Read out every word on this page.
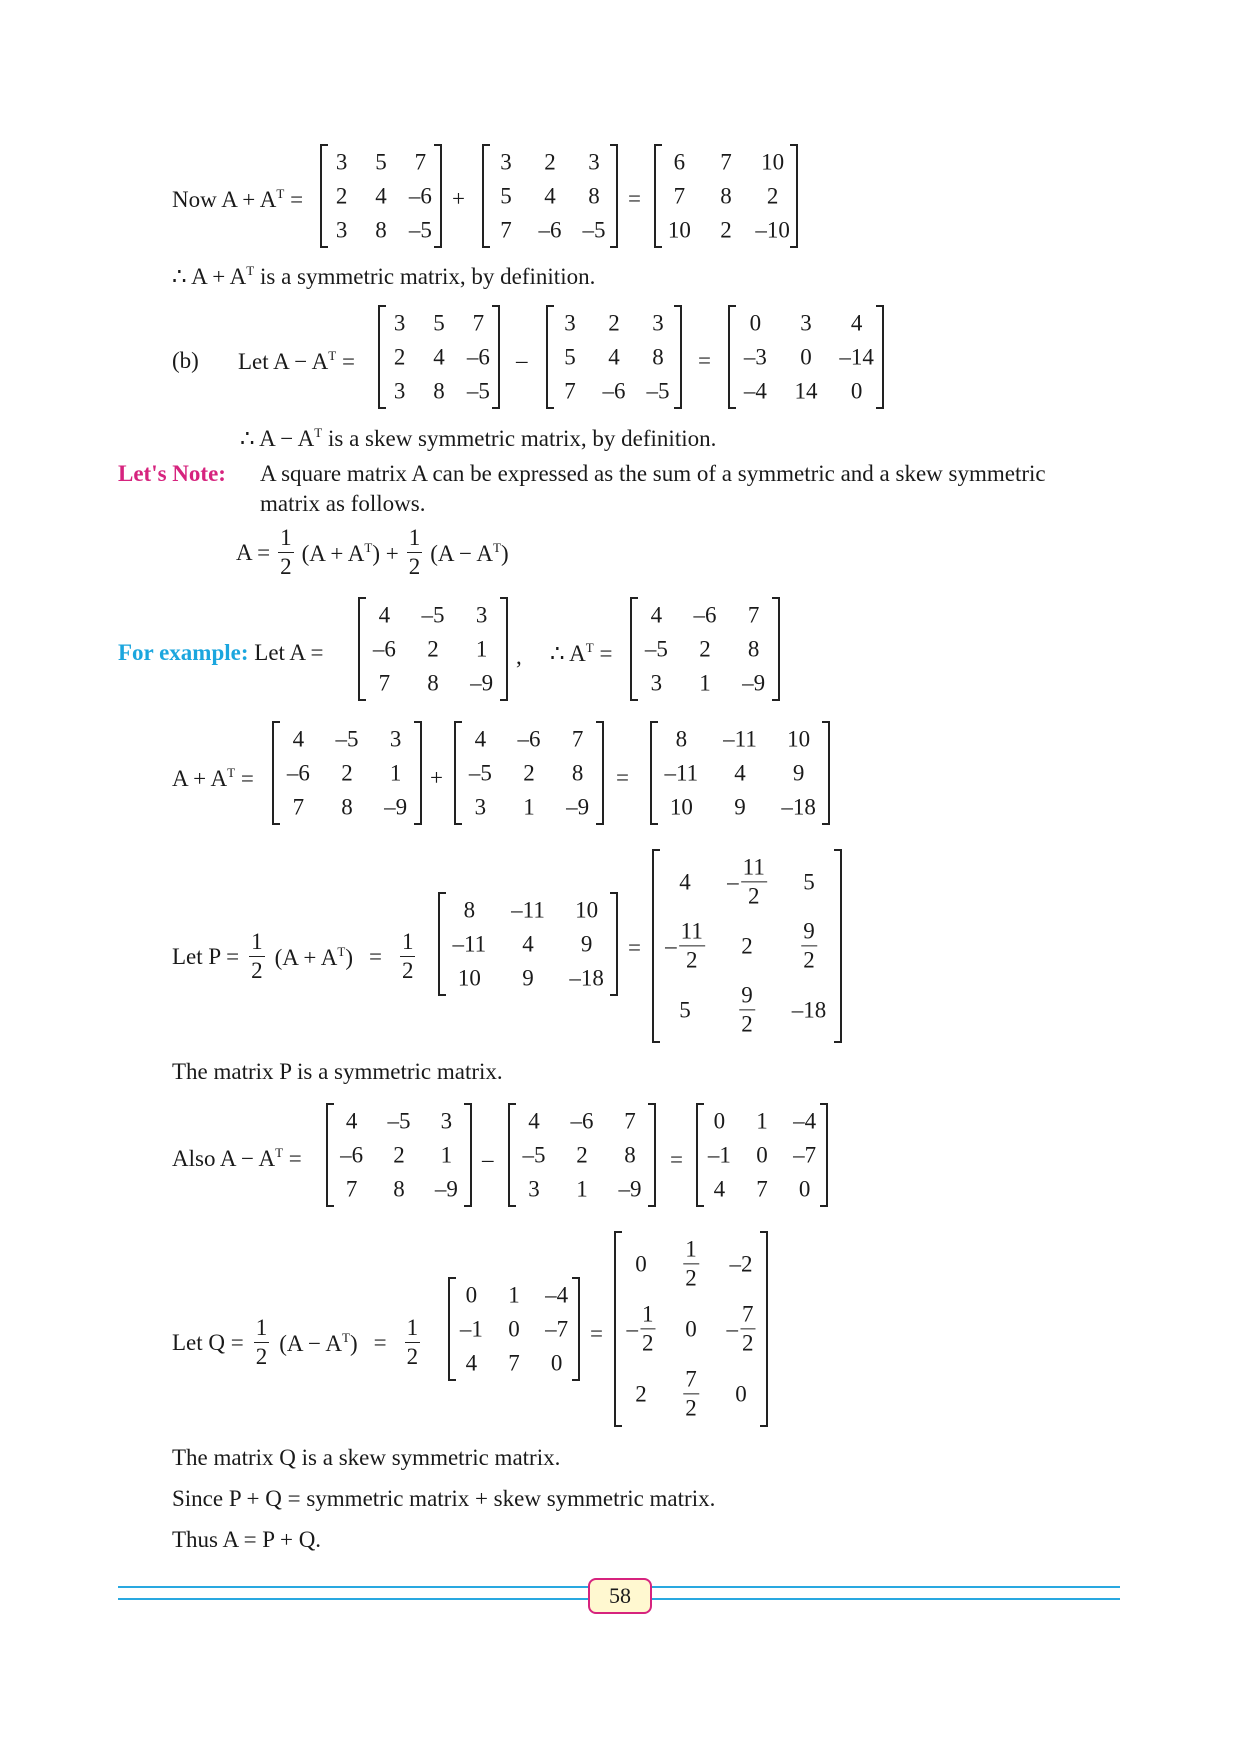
Now $A + A^T$ =
3 5 7
2 4 –6
3 8 –5
+
3 2 3
5 4 8
7 –6 –5
=
6 7 10
7 8 2
10 2 –10
∴ $A + A^T$ is a symmetric matrix, by definition.
(b) Let $A - A^T$ =
3 5 7
2 4 –6
3 8 –5
–
3 2 3
5 4 8
7 –6 –5
=
0 3 4
–3 0 –14
–4 14 0
∴ $A - A^T$ is a skew symmetric matrix, by definition.
Let's Note: A square matrix A can be expressed as the sum of a symmetric and a skew symmetric
matrix as follows.
$A = \frac{1}{2} (A + A^T) + \frac{1}{2} (A - A^T)$
For example: Let A =
4 –5 3
–6 2 1
7 8 –9
, ∴ $A^T$ =
4 –6 7
–5 2 8
3 1 –9
$A + A^T$ =
4 –5 3
–6 2 1
7 8 –9
+
4 –6 7
–5 2 8
3 1 –9
=
8 –11 10
–11 4 9
10 9 –18
Let $P = \frac{1}{2} (A + A^T) = \frac{1}{2}$
8 –11 10
–11 4 9
10 9 –18
=
$4 - \frac{11}{2} 5$
– $\frac{11}{2} 2 \frac{9}{2}$
$5 \frac{9}{2} -18$
The matrix P is a symmetric matrix.
Also $A - A^T$ =
4 –5 3
–6 2 1
7 8 –9
–
4 –6 7
–5 2 8
3 1 –9
=
0 1 –4
–1 0 –7
4 7 0
Let $Q = \frac{1}{2} (A - A^T) = \frac{1}{2}$
0 1 –4
–1 0 –7
4 7 0
=
$0 \frac{1}{2} -2$
– $\frac{1}{2} 0 - \frac{7}{2}$
$2 \frac{7}{2} 0$
The matrix Q is a skew symmetric matrix.
Since P + Q = symmetric matrix + skew symmetric matrix.
Thus A = P + Q.
58
